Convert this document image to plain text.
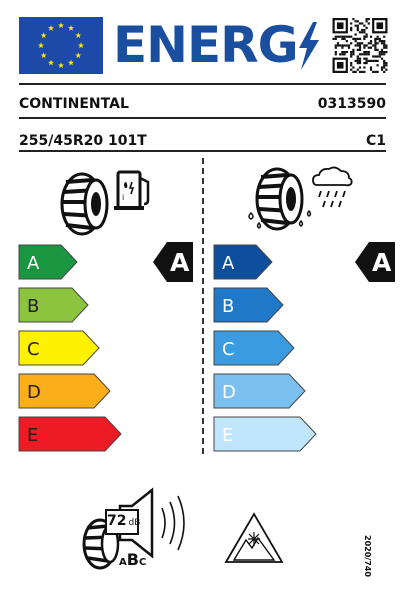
ENERG
CONTINENTAL	0313590
255/45R20 101T	C1
i
A	A
B
C
D
E
A	A
B
C
D
E
72 dB
ABC	2020/740
